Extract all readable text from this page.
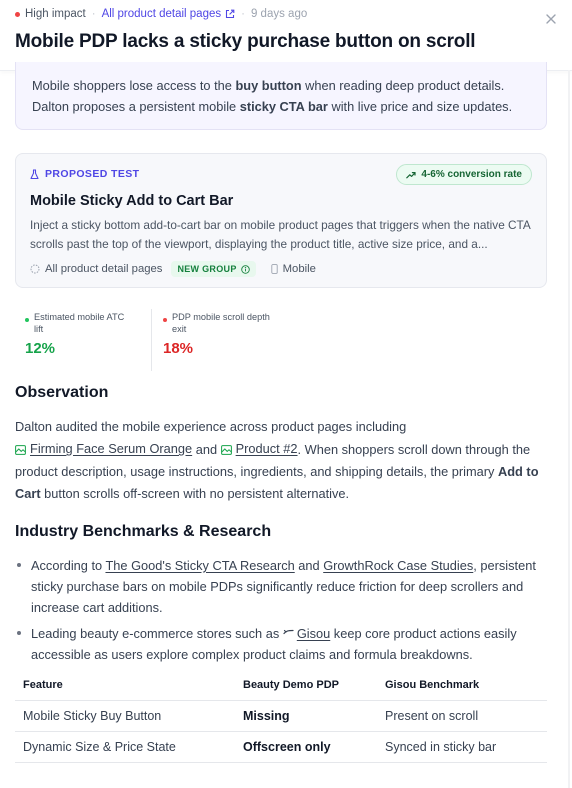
High impact · All product detail pages · 9 days ago
Mobile PDP lacks a sticky purchase button on scroll
Mobile shoppers lose access to the buy button when reading deep product details.
Dalton proposes a persistent mobile sticky CTA bar with live price and size updates.
PROPOSED TEST	4-6% conversion rate
Mobile Sticky Add to Cart Bar
Inject a sticky bottom add-to-cart bar on mobile product pages that triggers when the native CTA scrolls past the top of the viewport, displaying the product title, active size price, and a...
All product detail pages NEW GROUP	Mobile
Estimated mobile ATC
lift
12%
PDP mobile scroll depth
exit
18%
Observation
Dalton audited the mobile experience across product pages including

Firming Face Serum Orange and Product #2 . When shoppers scroll down through the product description, usage instructions, ingredients, and shipping details, the primary Add to Cart button scrolls off-screen with no persistent alternative.
Industry Benchmarks & Research
According to The Good's Sticky CTA Research and GrowthRock Case Studies, persistent sticky purchase bars on mobile PDPs significantly reduce friction for deep scrollers and increase cart additions.
Leading beauty e-commerce stores such as
Gisou keep core product actions easily accessible as users explore complex product claims and formula breakdowns.
Feature	Beauty Demo PDP	Gisou Benchmark
Mobile Sticky Buy Button	Missing	Present on scroll
Dynamic Size & Price State	Offscreen only	Synced in sticky bar
